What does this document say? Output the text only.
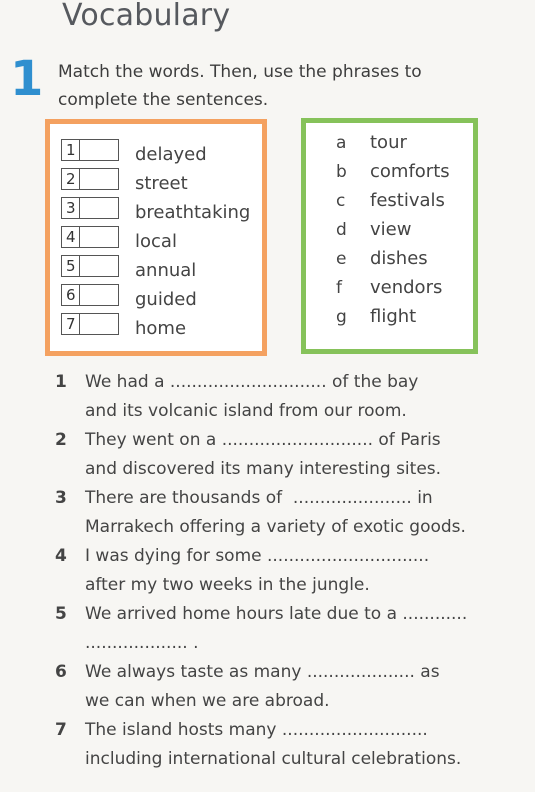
Vocabulary
1 Match the words. Then, use the phrases to
complete the sentences.
1	delayed
2	street
3	breathtaking
4	local
5	annual
6	guided
7	home
a tour
b comforts
c festivals
d view
e dishes
f vendors
g flight
1 We had a ............................. of the bay
and its volcanic island from our room.
2 They went on a ............................ of Paris
and discovered its many interesting sites.
3 There are thousands of  ...................... in
Marrakech offering a variety of exotic goods.
4 I was dying for some ..............................
after my two weeks in the jungle.
5 We arrived home hours late due to a ............
................... .
6 We always taste as many .................... as
we can when we are abroad.
7 The island hosts many ...........................
including international cultural celebrations.
